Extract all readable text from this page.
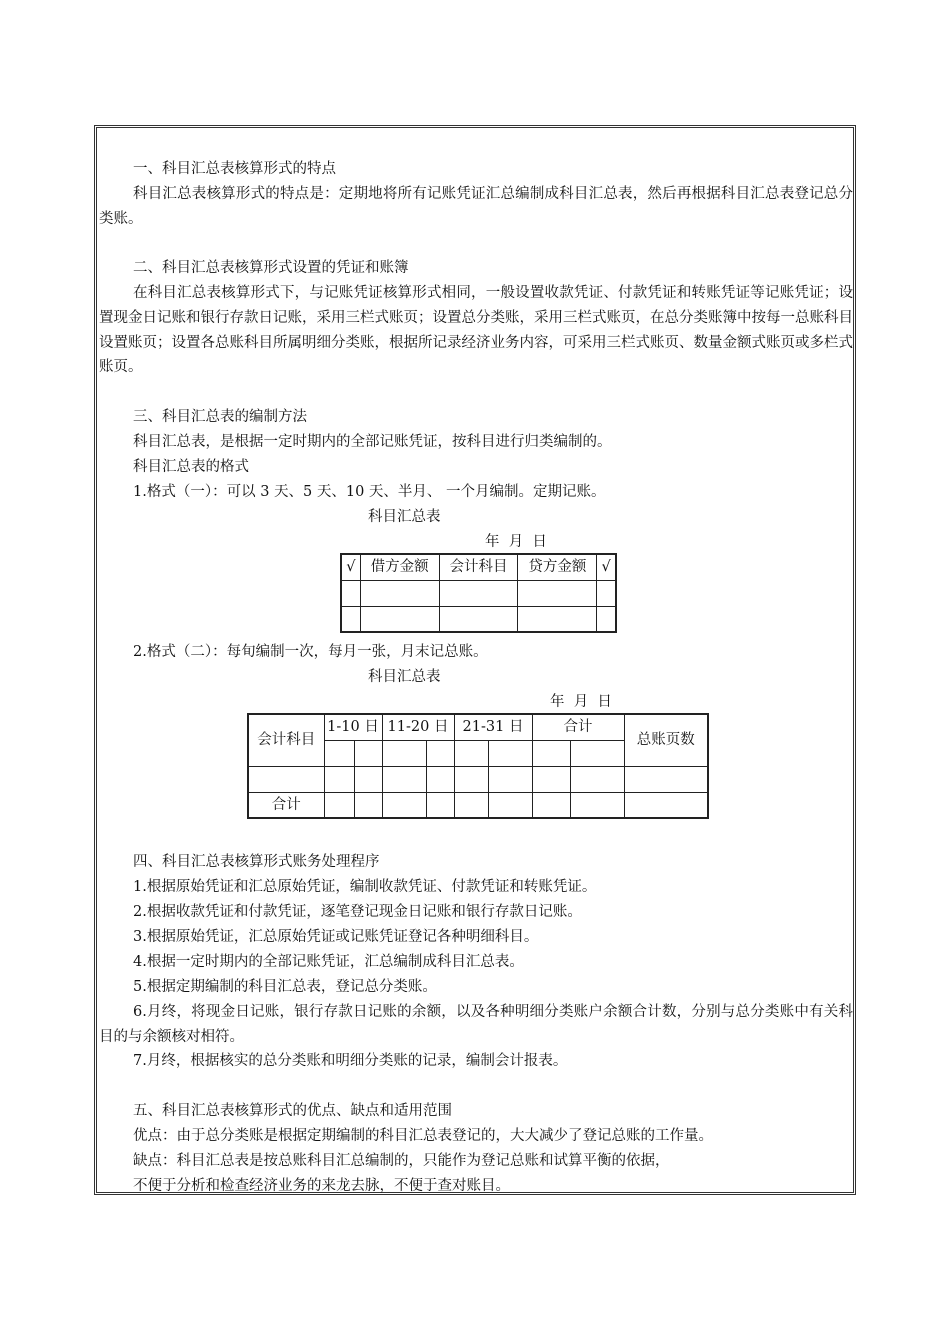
一、科目汇总表核算形式的特点
科目汇总表核算形式的特点是：定期地将所有记账凭证汇总编制成科目汇总表，然后再根据科目汇总表登记总分类账。
二、科目汇总表核算形式设置的凭证和账簿
在科目汇总表核算形式下，与记账凭证核算形式相同，一般设置收款凭证、付款凭证和转账凭证等记账凭证；设置现金日记账和银行存款日记账，采用三栏式账页；设置总分类账，采用三栏式账页，在总分类账簿中按每一总账科目设置账页；设置各总账科目所属明细分类账，根据所记录经济业务内容，可采用三栏式账页、数量金额式账页或多栏式账页。
三、科目汇总表的编制方法
科目汇总表，是根据一定时期内的全部记账凭证，按科目进行归类编制的。
科目汇总表的格式
1.格式（一）：可以 3 天、5 天、10 天、半月、 一个月编制。定期记账。
科目汇总表
年  月  日
√	借方金额	会计科目	贷方金额	√

2.格式（二）：每旬编制一次，每月一张，月末记总账。
科目汇总表
年  月  日
会计科目	1-10 日		11-20 日		21-31 日		合计		总账页数

合计									
四、科目汇总表核算形式账务处理程序
1.根据原始凭证和汇总原始凭证，编制收款凭证、付款凭证和转账凭证。
2.根据收款凭证和付款凭证，逐笔登记现金日记账和银行存款日记账。
3.根据原始凭证，汇总原始凭证或记账凭证登记各种明细科目。
4.根据一定时期内的全部记账凭证，汇总编制成科目汇总表。
5.根据定期编制的科目汇总表，登记总分类账。
6.月终，将现金日记账，银行存款日记账的余额，以及各种明细分类账户余额合计数，分别与总分类账中有关科目的与余额核对相符。
7.月终，根据核实的总分类账和明细分类账的记录，编制会计报表。
五、科目汇总表核算形式的优点、缺点和适用范围
优点：由于总分类账是根据定期编制的科目汇总表登记的，大大减少了登记总账的工作量。
缺点：科目汇总表是按总账科目汇总编制的，只能作为登记总账和试算平衡的依据，
不便于分析和检查经济业务的来龙去脉，不便于查对账目。
